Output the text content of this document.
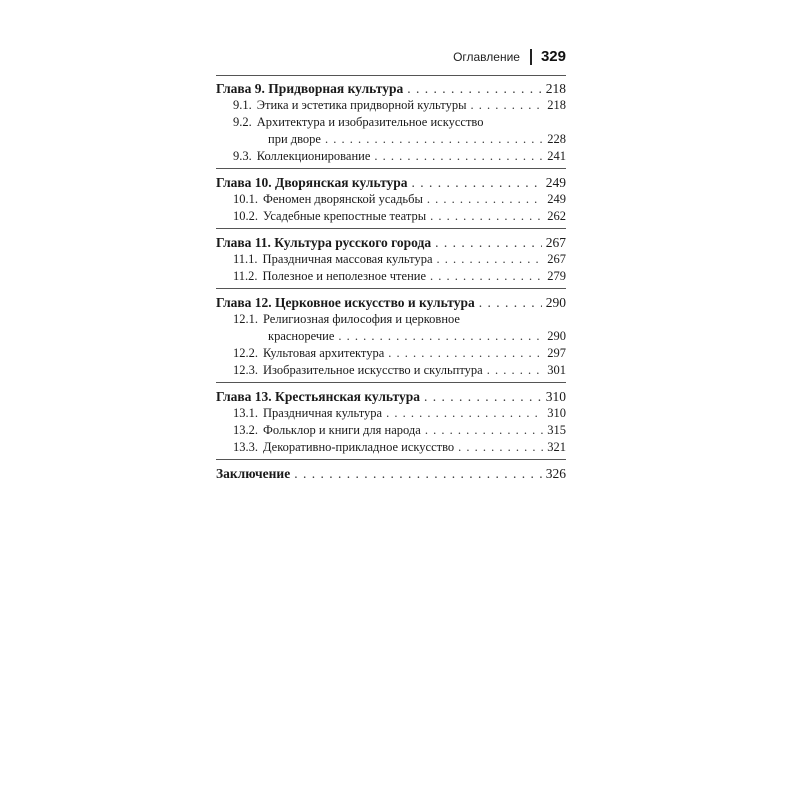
Оглавление 329
Глава 9. Придворная культура . . .	218
9.1. Этика и эстетика придворной культуры . . .	218
9.2. Архитектура и изобразительное искусство
при дворе . . .	228
9.3. Коллекционирование . . .	241
Глава 10. Дворянская культура . . .	249
10.1. Феномен дворянской усадьбы . . .	249
10.2. Усадебные крепостные театры . . .	262
Глава 11. Культура русского города . . .	267
11.1. Праздничная массовая культура . . .	267
11.2. Полезное и неполезное чтение . . .	279
Глава 12. Церковное искусство и культура . . .	290
12.1. Религиозная философия и церковное
красноречие . . .	290
12.2. Культовая архитектура . . .	297
12.3. Изобразительное искусство и скульптура . . .	301
Глава 13. Крестьянская культура . . .	310
13.1. Праздничная культура . . .	310
13.2. Фольклор и книги для народа . . .	315
13.3. Декоративно-прикладное искусство . . .	321
Заключение . . .	326
